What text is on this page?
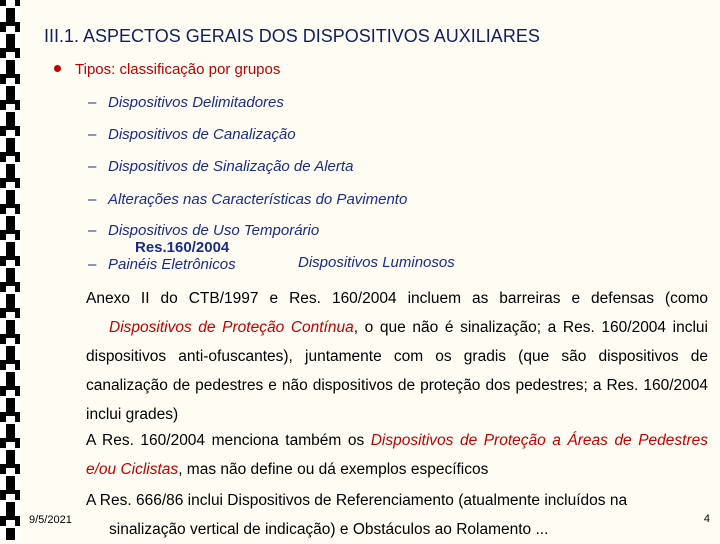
III.1. ASPECTOS GERAIS DOS DISPOSITIVOS AUXILIARES
Tipos: classificação por grupos
– Dispositivos Delimitadores
– Dispositivos de Canalização
– Dispositivos de Sinalização de Alerta
– Alterações nas Características do Pavimento
– Dispositivos de Uso Temporário
– Painéis Eletrônicos
Res.160/2004
Dispositivos Luminosos
Anexo II do CTB/1997 e Res. 160/2004 incluem as barreiras e defensas (como Dispositivos de Proteção Contínua, o que não é sinalização; a Res. 160/2004 inclui dispositivos anti-ofuscantes), juntamente com os gradis (que são dispositivos de canalização de pedestres e não dispositivos de proteção dos pedestres; a Res. 160/2004 inclui grades)
A Res. 160/2004 menciona também os Dispositivos de Proteção a Áreas de Pedestres e/ou Ciclistas, mas não define ou dá exemplos específicos
A Res. 666/86 inclui Dispositivos de Referenciamento (atualmente incluídos na
sinalização vertical de indicação) e Obstáculos ao Rolamento ...
9/5/2021	4
